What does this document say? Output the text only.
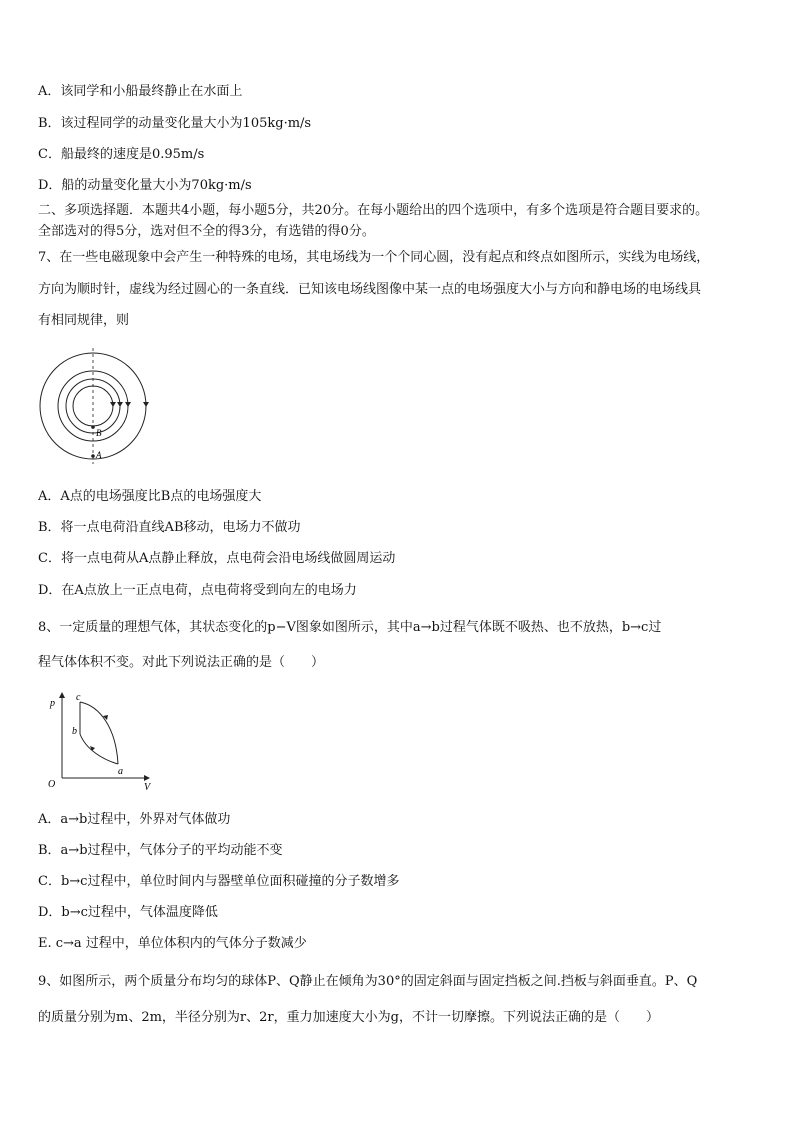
A．该同学和小船最终静止在水面上
B．该过程同学的动量变化量大小为105kg·m/s
C．船最终的速度是0.95m/s
D．船的动量变化量大小为70kg·m/s
二、多项选择题．本题共4小题，每小题5分，共20分。在每小题给出的四个选项中，有多个选项是符合题目要求的。
全部选对的得5分，选对但不全的得3分，有选错的得0分。
7、在一些电磁现象中会产生一种特殊的电场，其电场线为一个个同心圆，没有起点和终点如图所示，实线为电场线，
方向为顺时针，虚线为经过圆心的一条直线．已知该电场线图像中某一点的电场强度大小与方向和静电场的电场线具
有相同规律，则
B
A
A．A点的电场强度比B点的电场强度大
B．将一点电荷沿直线AB移动，电场力不做功
C．将一点电荷从A点静止释放，点电荷会沿电场线做圆周运动
D．在A点放上一正点电荷，点电荷将受到向左的电场力
8、一定质量的理想气体，其状态变化的p−V图象如图所示，其中a→b过程气体既不吸热、也不放热，b→c过
程气体体积不变。对此下列说法正确的是（　　）
p
O	V
c
b
a
A．a→b过程中，外界对气体做功
B．a→b过程中，气体分子的平均动能不变
C．b→c过程中，单位时间内与器壁单位面积碰撞的分子数增多
D．b→c过程中，气体温度降低
E. c→a 过程中，单位体积内的气体分子数减少
9、如图所示，两个质量分布均匀的球体P、Q静止在倾角为30°的固定斜面与固定挡板之间.挡板与斜面垂直。P、Q
的质量分别为m、2m，半径分别为r、2r，重力加速度大小为g，不计一切摩擦。下列说法正确的是（　　）
